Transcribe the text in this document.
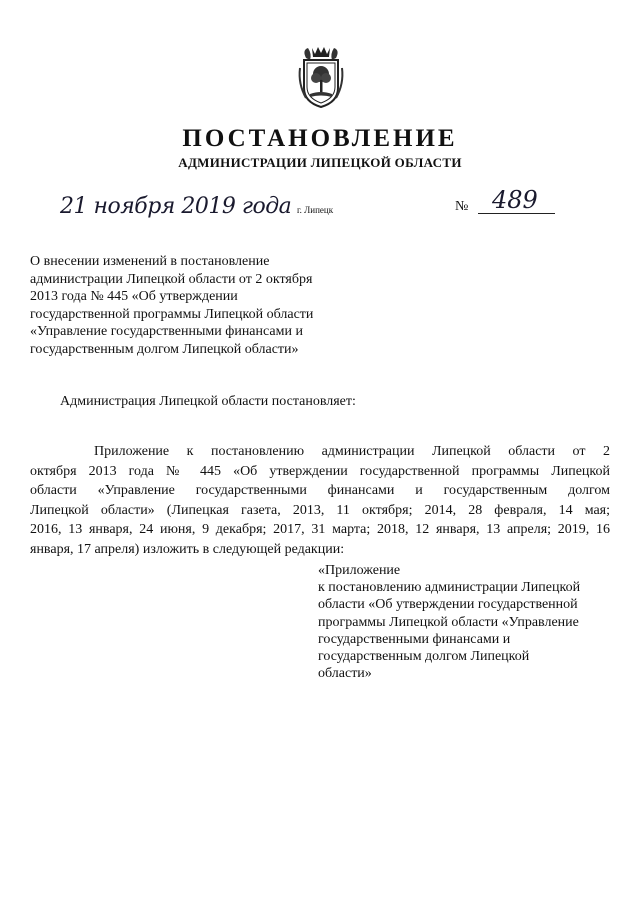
ПОСТАНОВЛЕНИЕ
АДМИНИСТРАЦИИ ЛИПЕЦКОЙ ОБЛАСТИ
21 ноября 2019 года г. Липецк	№ 489
О внесении изменений в постановление
администрации Липецкой области от 2 октября
2013 года № 445 «Об утверждении
государственной программы Липецкой области
«Управление государственными финансами и
государственным долгом Липецкой области»
Администрация Липецкой области постановляет:
Приложение к постановлению администрации Липецкой области от 2
октября 2013 года № 445 «Об утверждении государственной программы Липецкой
области «Управление государственными финансами и государственным долгом
Липецкой области» (Липецкая газета, 2013, 11 октября; 2014, 28 февраля, 14 мая;
2016, 13 января, 24 июня, 9 декабря; 2017, 31 марта; 2018, 12 января, 13 апреля; 2019, 16
января, 17 апреля) изложить в следующей редакции:
«Приложение
к постановлению администрации Липецкой
области «Об утверждении государственной
программы Липецкой области «Управление
государственными финансами и
государственным долгом Липецкой
области»
